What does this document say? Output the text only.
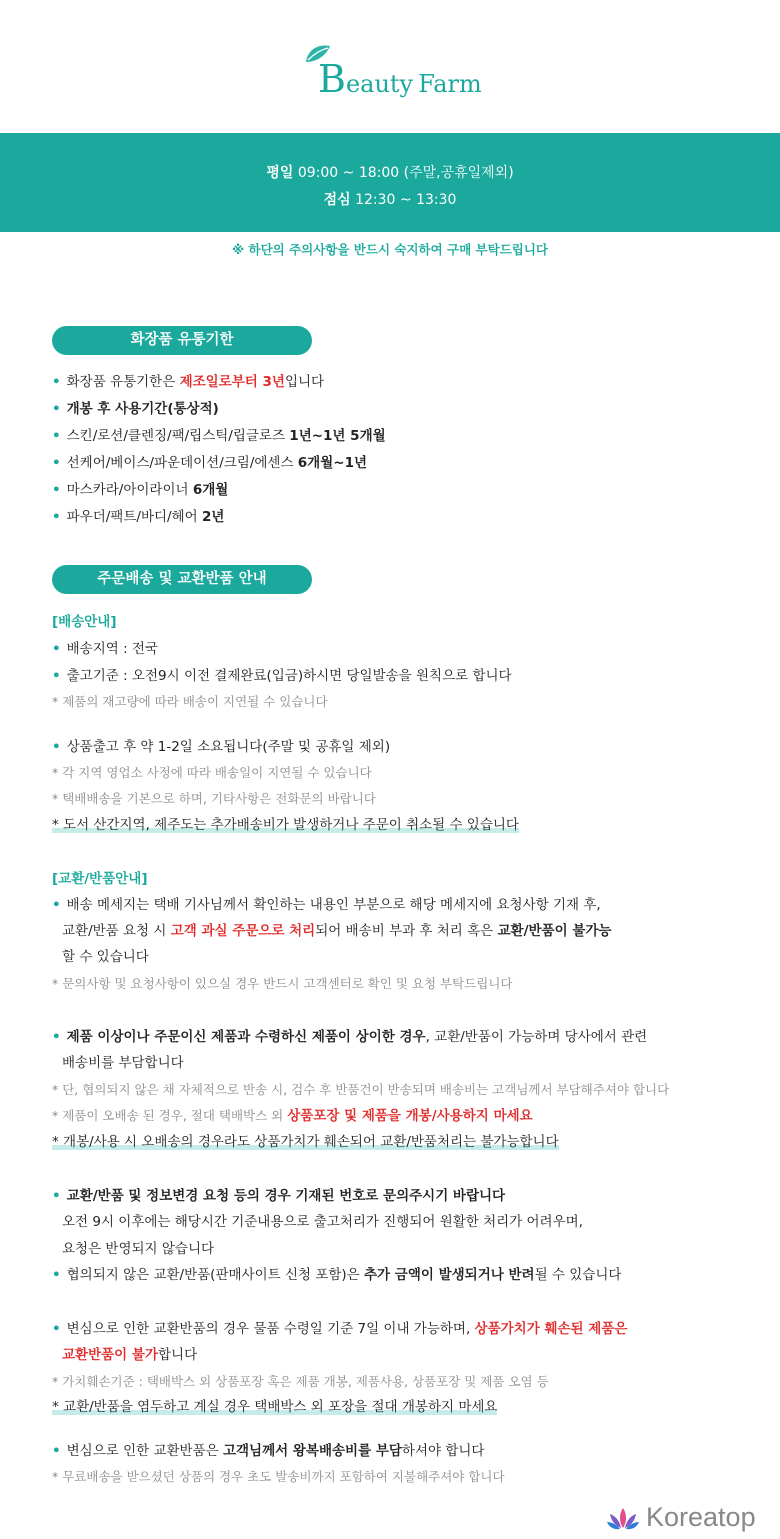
Beauty Farm
평일 09:00 ~ 18:00 (주말,공휴일제외)
점심 12:30 ~ 13:30
※ 하단의 주의사항을 반드시 숙지하여 구매 부탁드립니다
화장품 유통기한
• 화장품 유통기한은 제조일로부터 3년입니다
• 개봉 후 사용기간(통상적)
• 스킨/로션/클렌징/팩/립스틱/립글로즈 1년~1년 5개월
• 선케어/베이스/파운데이션/크림/에센스 6개월~1년
• 마스카라/아이라이너 6개월
• 파우더/팩트/바디/헤어 2년
주문배송 및 교환반품 안내
[배송안내]
• 배송지역 : 전국
• 출고기준 : 오전9시 이전 결제완료(입금)하시면 당일발송을 원칙으로 합니다
* 제품의 재고량에 따라 배송이 지연될 수 있습니다
• 상품출고 후 약 1-2일 소요됩니다(주말 및 공휴일 제외)
* 각 지역 영업소 사정에 따라 배송일이 지연될 수 있습니다
* 택배배송을 기본으로 하며, 기타사항은 전화문의 바랍니다
* 도서 산간지역, 제주도는 추가배송비가 발생하거나 주문이 취소될 수 있습니다
[교환/반품안내]
• 배송 메세지는 택배 기사님께서 확인하는 내용인 부분으로 해당 메세지에 요청사항 기재 후,
교환/반품 요청 시 고객 과실 주문으로 처리되어 배송비 부과 후 처리 혹은 교환/반품이 불가능
할 수 있습니다
* 문의사항 및 요청사항이 있으실 경우 반드시 고객센터로 확인 및 요청 부탁드립니다
• 제품 이상이나 주문이신 제품과 수령하신 제품이 상이한 경우, 교환/반품이 가능하며 당사에서 관련
배송비를 부담합니다
* 단, 협의되지 않은 채 자체적으로 반송 시, 검수 후 반품건이 반송되며 배송비는 고객님께서 부담해주셔야 합니다
* 제품이 오배송 된 경우, 절대 택배박스 외 상품포장 및 제품을 개봉/사용하지 마세요
* 개봉/사용 시 오배송의 경우라도 상품가치가 훼손되어 교환/반품처리는 불가능합니다
• 교환/반품 및 정보변경 요청 등의 경우 기재된 번호로 문의주시기 바랍니다
오전 9시 이후에는 해당시간 기준내용으로 출고처리가 진행되어 원활한 처리가 어려우며,
요청은 반영되지 않습니다
• 협의되지 않은 교환/반품(판매사이트 신청 포함)은 추가 금액이 발생되거나 반려될 수 있습니다
• 변심으로 인한 교환반품의 경우 물품 수령일 기준 7일 이내 가능하며, 상품가치가 훼손된 제품은
교환반품이 불가합니다
* 가치훼손기준 : 택배박스 외 상품포장 혹은 제품 개봉, 제품사용, 상품포장 및 제품 오염 등
* 교환/반품을 염두하고 계실 경우 택배박스 외 포장을 절대 개봉하지 마세요
• 변심으로 인한 교환반품은 고객님께서 왕복배송비를 부담하셔야 합니다
* 무료배송을 받으셨던 상품의 경우 초도 발송비까지 포함하여 지불해주셔야 합니다
Koreatop
